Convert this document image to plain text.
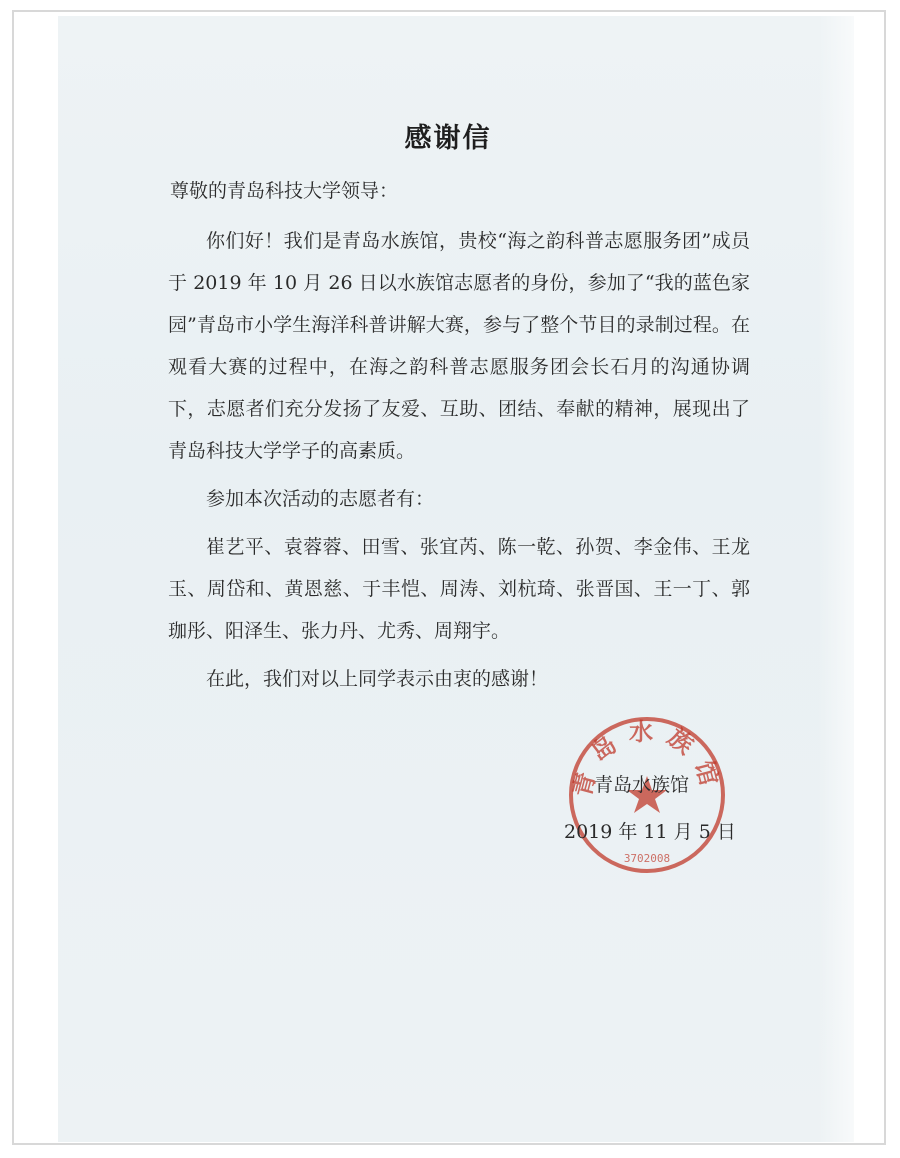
感谢信
尊敬的青岛科技大学领导：

你们好！我们是青岛水族馆，贵校“海之韵科普志愿服务团”成员于 2019 年 10 月 26 日以水族馆志愿者的身份，参加了“我的蓝色家园”青岛市小学生海洋科普讲解大赛，参与了整个节目的录制过程。在观看大赛的过程中，在海之韵科普志愿服务团会长石月的沟通协调下，志愿者们充分发扬了友爱、互助、团结、奉献的精神，展现出了青岛科技大学学子的高素质。

参加本次活动的志愿者有：

崔艺平、袁蓉蓉、田雪、张宜芮、陈一乾、孙贺、李金伟、王龙玉、周岱和、黄恩慈、于丰恺、周涛、刘杭琦、张晋国、王一丁、郭珈彤、阳泽生、张力丹、尤秀、周翔宇。

在此，我们对以上同学表示由衷的感谢！

青岛水族馆
3702008
青岛水族馆
2019 年 11 月 5 日
